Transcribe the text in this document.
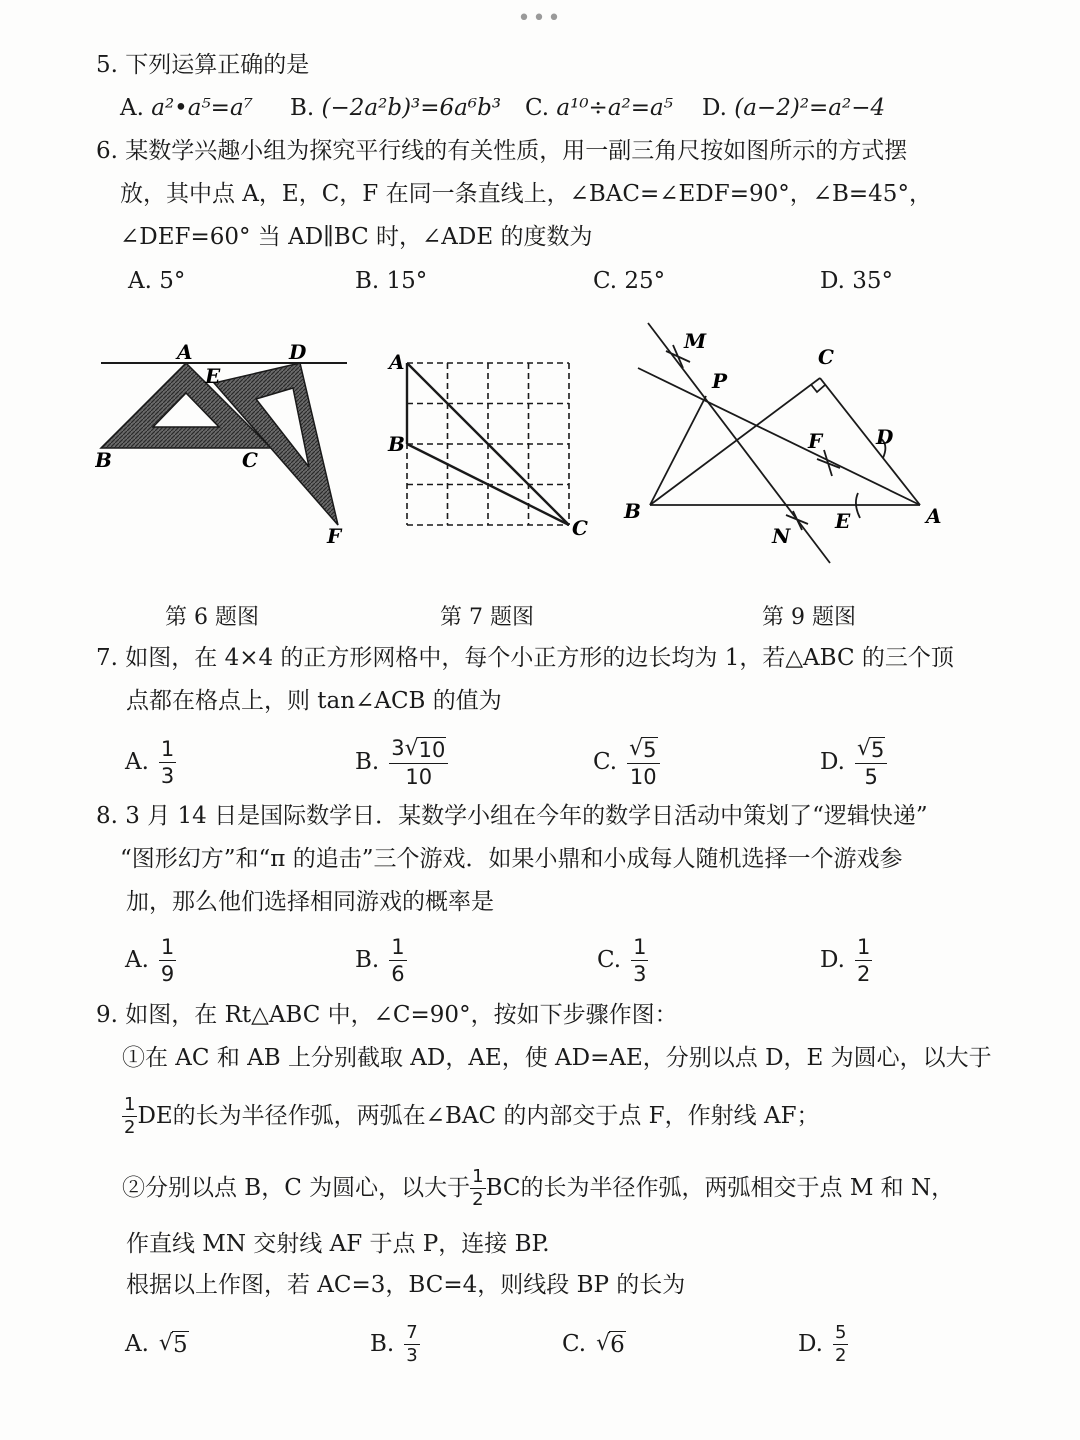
•••
5. 下列运算正确的是
A. a²•a⁵=a⁷ B. (−2a²b)³=6a⁶b³ C. a¹⁰÷a²=a⁵ D. (a−2)²=a²−4
6. 某数学兴趣小组为探究平行线的有关性质，用一副三角尺按如图所示的方式摆
放，其中点 A，E，C，F 在同一条直线上，∠BAC=∠EDF=90°，∠B=45°，
∠DEF=60° 当 AD∥BC 时，∠ADE 的度数为
A. 5°	B. 15°	C. 25°	D. 35°
A	D
E
B	C
F
第 6 题图
A
B
C
第 7 题图
M
P
C
F	D
B	E	A
N
第 9 题图
7. 如图，在 4×4 的正方形网格中，每个小正方形的边长均为 1，若△ABC 的三个顶
点都在格点上，则 tan∠ACB 的值为
A. $\frac{1}{3}$	B. $\frac{3 √ 10}{10}$	C. $\frac{√ 5}{10}$	D. $\frac{√ 5}{5}$
8. 3 月 14 日是国际数学日．某数学小组在今年的数学日活动中策划了“逻辑快递”
“图形幻方”和“π 的追击”三个游戏．如果小鼎和小成每人随机选择一个游戏参
加，那么他们选择相同游戏的概率是
A. $\frac{1}{9}$	B. $\frac{1}{6}$	C. $\frac{1}{3}$	D. $\frac{1}{2}$
9. 如图，在 Rt△ABC 中，∠C=90°，按如下步骤作图：
①在 AC 和 AB 上分别截取 AD，AE，使 AD=AE，分别以点 D，E 为圆心，以大于
$\frac{1}{2}$ DE的长为半径作弧，两弧在∠BAC 的内部交于点 F，作射线 AF；
②分别以点 B，C 为圆心，以大于 $\frac{1}{2}$ BC的长为半径作弧，两弧相交于点 M 和 N，
作直线 MN 交射线 AF 于点 P，连接 BP.
根据以上作图，若 AC=3，BC=4，则线段 BP 的长为
A. √ 5	B. $\frac{7}{3}$	C. √ 6	D. $\frac{5}{2}$
